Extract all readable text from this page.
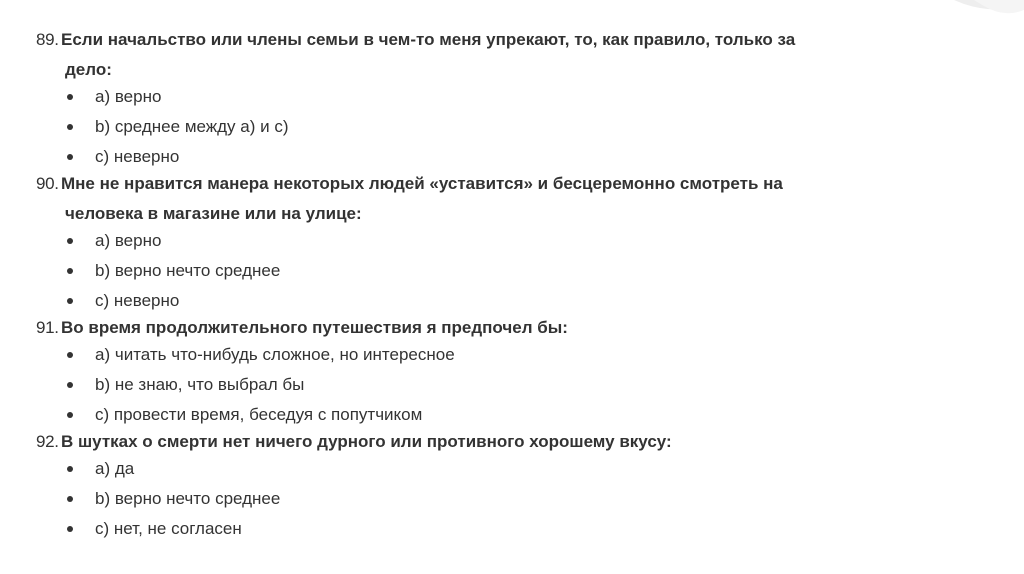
89. Если начальство или члены семьи в чем-то меня упрекают, то, как правило, только за
дело:
a) верно
b) среднее между a) и c)
c) неверно
90. Мне не нравится манера некоторых людей «уставится» и бесцеремонно смотреть на
человека в магазине или на улице:
a) верно
b) верно нечто среднее
c) неверно
91. Во время продолжительного путешествия я предпочел бы:
a) читать что-нибудь сложное, но интересное
b) не знаю, что выбрал бы
c) провести время, беседуя с попутчиком
92. В шутках о смерти нет ничего дурного или противного хорошему вкусу:
a) да
b) верно нечто среднее
c) нет, не согласен
